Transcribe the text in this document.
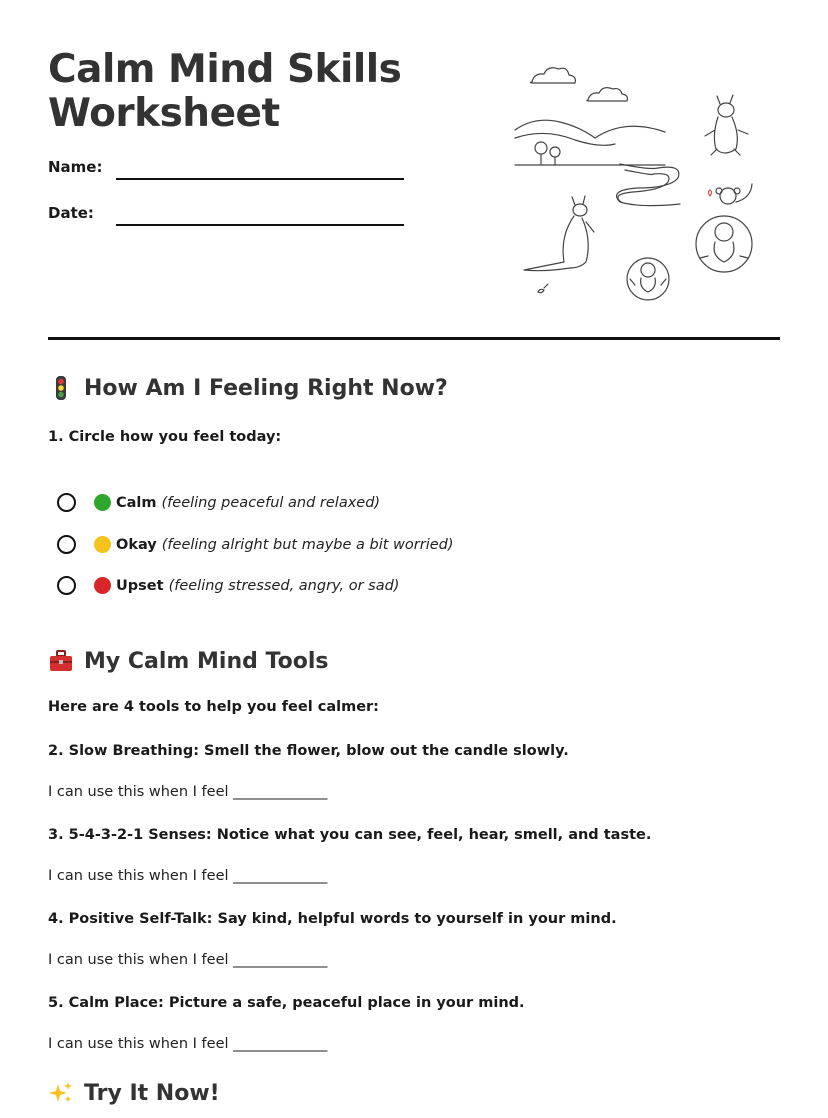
Calm Mind Skills Worksheet
Name:
Date:
How Am I Feeling Right Now?
1. Circle how you feel today:
Calm (feeling peaceful and relaxed)
Okay (feeling alright but maybe a bit worried)
Upset (feeling stressed, angry, or sad)
My Calm Mind Tools
Here are 4 tools to help you feel calmer:
2. Slow Breathing: Smell the flower, blow out the candle slowly.
I can use this when I feel _____________
3. 5-4-3-2-1 Senses: Notice what you can see, feel, hear, smell, and taste.
I can use this when I feel _____________
4. Positive Self-Talk: Say kind, helpful words to yourself in your mind.
I can use this when I feel _____________
5. Calm Place: Picture a safe, peaceful place in your mind.
I can use this when I feel _____________
Try It Now!
